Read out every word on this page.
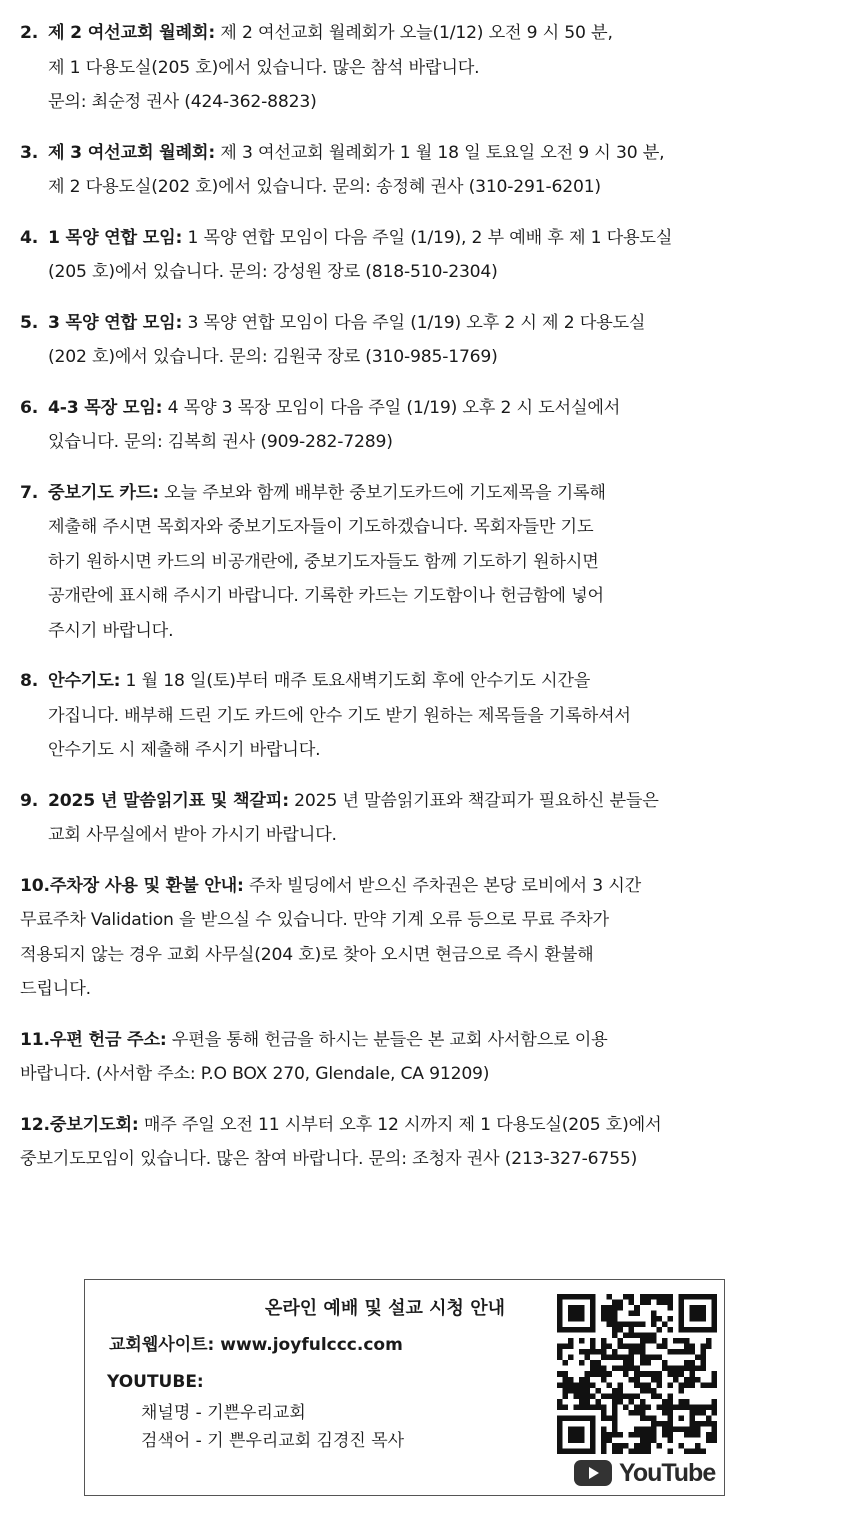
2. 제 2 여선교회 월례회: 제 2 여선교회 월례회가 오늘(1/12) 오전 9 시 50 분,
제 1 다용도실(205 호)에서 있습니다. 많은 참석 바랍니다.
문의: 최순정 권사 (424-362-8823)
3. 제 3 여선교회 월례회: 제 3 여선교회 월례회가 1 월 18 일 토요일 오전 9 시 30 분,
제 2 다용도실(202 호)에서 있습니다. 문의: 송정혜 권사 (310-291-6201)
4. 1 목양 연합 모임: 1 목양 연합 모임이 다음 주일 (1/19), 2 부 예배 후 제 1 다용도실
(205 호)에서 있습니다. 문의: 강성원 장로 (818-510-2304)
5. 3 목양 연합 모임: 3 목양 연합 모임이 다음 주일 (1/19) 오후 2 시 제 2 다용도실
(202 호)에서 있습니다. 문의: 김원국 장로 (310-985-1769)
6. 4-3 목장 모임: 4 목양 3 목장 모임이 다음 주일 (1/19) 오후 2 시 도서실에서
있습니다. 문의: 김복희 권사 (909-282-7289)
7. 중보기도 카드: 오늘 주보와 함께 배부한 중보기도카드에 기도제목을 기록해
제출해 주시면 목회자와 중보기도자들이 기도하겠습니다. 목회자들만 기도
하기 원하시면 카드의 비공개란에, 중보기도자들도 함께 기도하기 원하시면
공개란에 표시해 주시기 바랍니다. 기록한 카드는 기도함이나 헌금함에 넣어
주시기 바랍니다.
8. 안수기도: 1 월 18 일(토)부터 매주 토요새벽기도회 후에 안수기도 시간을
가집니다. 배부해 드린 기도 카드에 안수 기도 받기 원하는 제목들을 기록하셔서
안수기도 시 제출해 주시기 바랍니다.
9. 2025 년 말씀읽기표 및 책갈피: 2025 년 말씀읽기표와 책갈피가 필요하신 분들은
교회 사무실에서 받아 가시기 바랍니다.
10.주차장 사용 및 환불 안내: 주차 빌딩에서 받으신 주차권은 본당 로비에서 3 시간
무료주차 Validation 을 받으실 수 있습니다. 만약 기계 오류 등으로 무료 주차가
적용되지 않는 경우 교회 사무실(204 호)로 찾아 오시면 현금으로 즉시 환불해
드립니다.
11.우편 헌금 주소: 우편을 통해 헌금을 하시는 분들은 본 교회 사서함으로 이용
바랍니다. (사서함 주소: P.O BOX 270, Glendale, CA 91209)
12.중보기도회: 매주 주일 오전 11 시부터 오후 12 시까지 제 1 다용도실(205 호)에서
중보기도모임이 있습니다. 많은 참여 바랍니다. 문의: 조청자 권사 (213-327-6755)
온라인 예배 및 설교 시청 안내
교회웹사이트: www.joyfulccc.com
YOUTUBE:
채널명 - 기쁜우리교회
검색어 - 기 쁜우리교회 김경진 목사
YouTube
